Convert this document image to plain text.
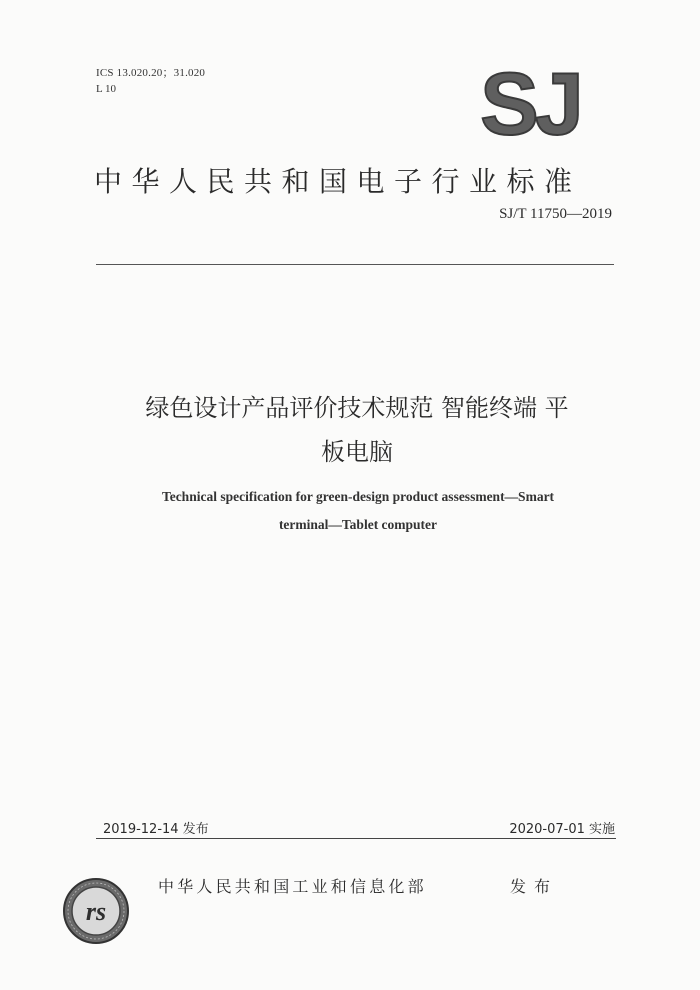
ICS 13.020.20；31.020
L 10	SJ
中华人民共和国电子行业标准
SJ/T 11750—2019
绿色设计产品评价技术规范 智能终端 平
板电脑
Technical specification for green-design product assessment—Smart
terminal—Tablet computer
2019-12-14 发布	2020-07-01 实施
rs
中华人民共和国工业和信息化部	发布
